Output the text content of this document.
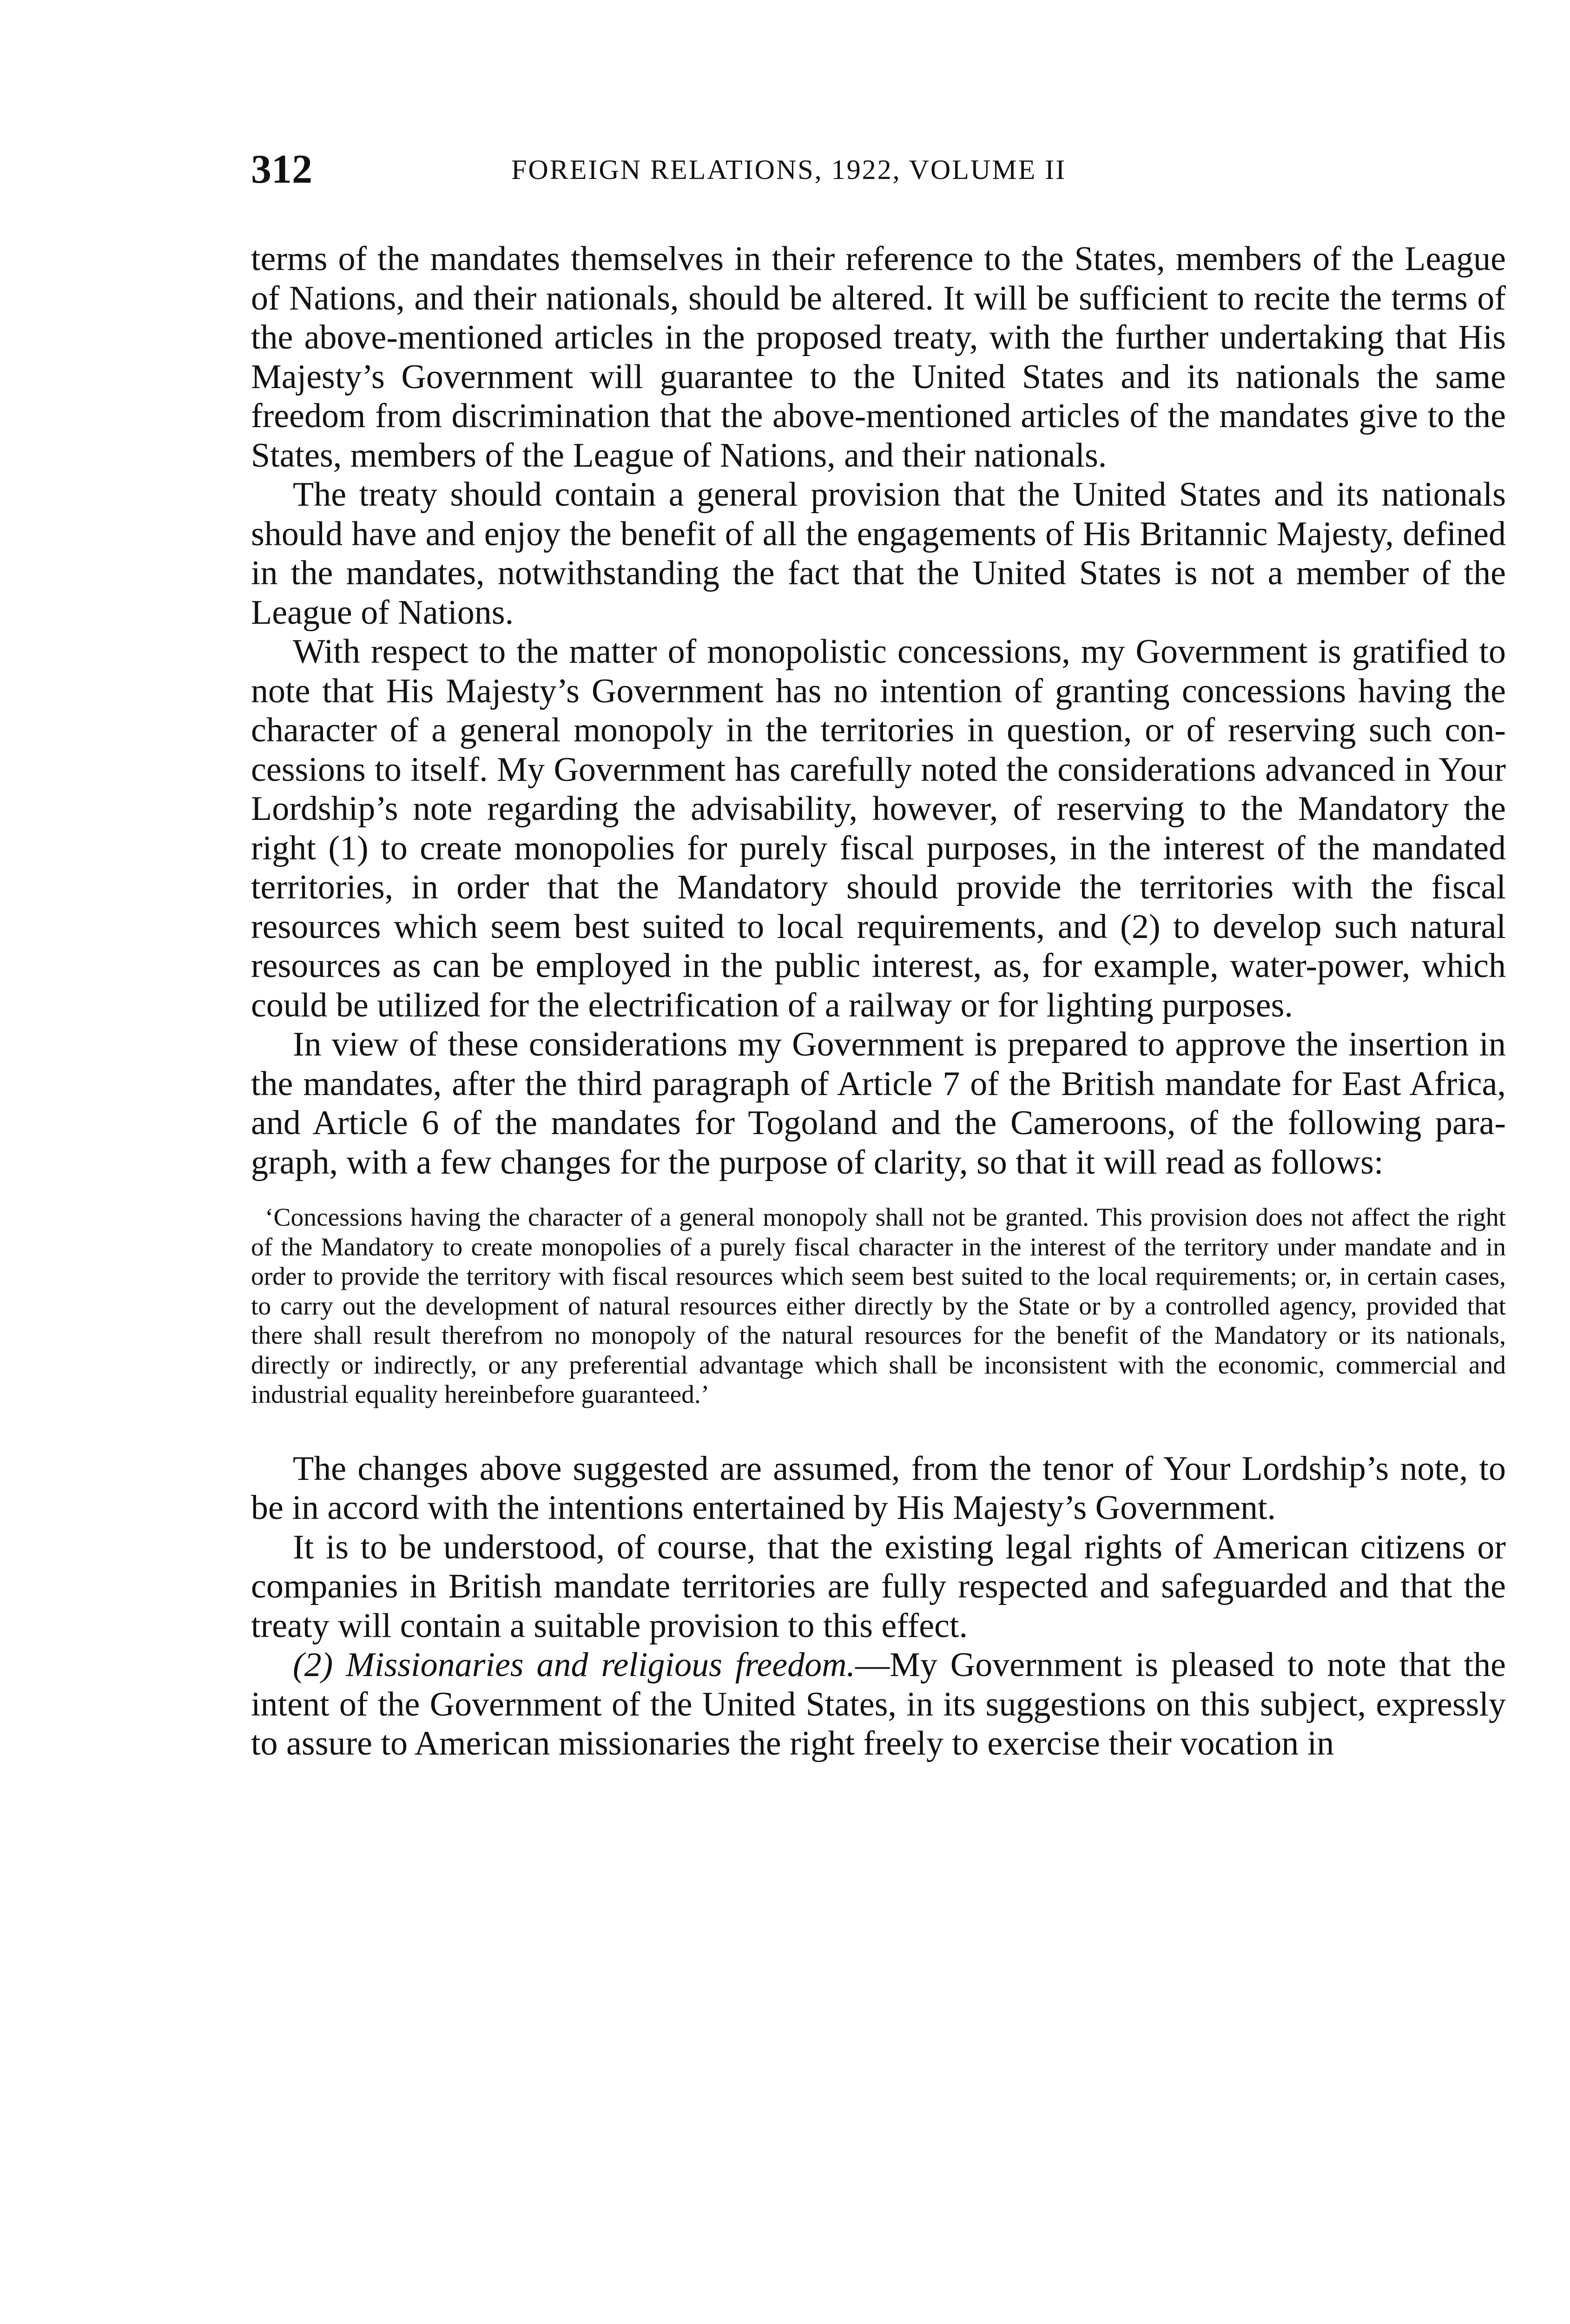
312	FOREIGN RELATIONS, 1922, VOLUME II

terms of the mandates themselves in their reference to the States, members of the League of Nations, and their nationals, should be altered. It will be sufficient to recite the terms of the above-mentioned articles in the proposed treaty, with the further undertaking that His Majesty’s Government will guarantee to the United States and its nationals the same freedom from discrimination that the above-mentioned articles of the mandates give to the States, members of the League of Nations, and their nationals.

The treaty should contain a general provision that the United States and its nationals should have and enjoy the benefit of all the engagements of His Britannic Majesty, defined in the mandates, notwithstanding the fact that the United States is not a member of the League of Nations.

With respect to the matter of monopolistic concessions, my Government is gratified to note that His Majesty’s Government has no intention of granting concessions having the character of a general monopoly in the territories in question, or of reserving such concessions to itself. My Government has carefully noted the considerations advanced in Your Lordship’s note regarding the advisability, however, of reserving to the Mandatory the right (1) to create monopolies for purely fiscal purposes, in the interest of the mandated territories, in order that the Mandatory should provide the territories with the fiscal resources which seem best suited to local requirements, and (2) to develop such natural resources as can be employed in the public interest, as, for example, water-power, which could be utilized for the electrification of a railway or for lighting purposes.

In view of these considerations my Government is prepared to approve the insertion in the mandates, after the third paragraph of Article 7 of the British mandate for East Africa, and Article 6 of the mandates for Togoland and the Cameroons, of the following paragraph, with a few changes for the purpose of clarity, so that it will read as follows:

‘Concessions having the character of a general monopoly shall not be granted. This provision does not affect the right of the Mandatory to create monopolies of a purely fiscal character in the interest of the territory under mandate and in order to provide the territory with fiscal resources which seem best suited to the local requirements; or, in certain cases, to carry out the development of natural resources either directly by the State or by a controlled agency, provided that there shall result therefrom no monopoly of the natural resources for the benefit of the Mandatory or its nationals, directly or indirectly, or any preferential advantage which shall be inconsistent with the economic, commercial and industrial equality hereinbefore guaranteed.’

The changes above suggested are assumed, from the tenor of Your Lordship’s note, to be in accord with the intentions entertained by His Majesty’s Government.

It is to be understood, of course, that the existing legal rights of American citizens or companies in British mandate territories are fully respected and safeguarded and that the treaty will contain a suitable provision to this effect.

(2) Missionaries and religious freedom.—My Government is pleased to note that the intent of the Government of the United States, in its suggestions on this subject, expressly to assure to American missionaries the right freely to exercise their vocation in
